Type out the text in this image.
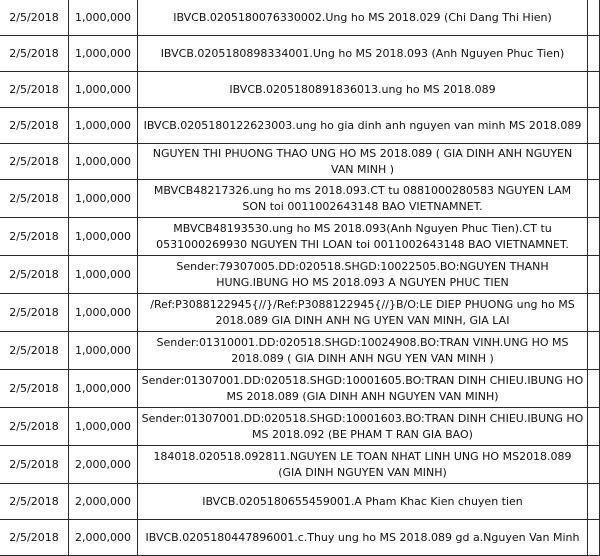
2/5/2018	1,000,000	IBVCB.0205180076330002.Ung ho MS 2018.029 (Chi Dang Thi Hien)	
2/5/2018	1,000,000	IBVCB.0205180898334001.Ung ho MS 2018.093 (Anh Nguyen Phuc Tien)	
2/5/2018	1,000,000	IBVCB.0205180891836013.ung ho MS 2018.089	
2/5/2018	1,000,000	IBVCB.0205180122623003.ung ho gia dinh anh nguyen van minh MS 2018.089	
2/5/2018	1,000,000	NGUYEN THI PHUONG THAO UNG HO MS 2018.089 ( GIA DINH ANH NGUYEN VAN MINH )	
2/5/2018	1,000,000	MBVCB48217326.ung ho ms 2018.093.CT tu 0881000280583 NGUYEN LAM SON toi 0011002643148 BAO VIETNAMNET.	
2/5/2018	1,000,000	MBVCB48193530.ung ho MS 2018.093(Anh Nguyen Phuc Tien).CT tu 0531000269930 NGUYEN THI LOAN toi 0011002643148 BAO VIETNAMNET.	
2/5/2018	1,000,000	Sender:79307005.DD:020518.SHGD:10022505.BO:NGUYEN THANH HUNG.IBUNG HO MS 2018.093 A NGUYEN PHUC TIEN	
2/5/2018	1,000,000	/Ref:P3088122945{//}/Ref:P3088122945{//}B/O:LE DIEP PHUONG ung ho MS 2018.089 GIA DINH ANH NG UYEN VAN MINH, GIA LAI	
2/5/2018	1,000,000	Sender:01310001.DD:020518.SHGD:10024908.BO:TRAN VINH.UNG HO MS 2018.089 ( GIA DINH ANH NGU YEN VAN MINH )	
2/5/2018	1,000,000	Sender:01307001.DD:020518.SHGD:10001605.BO:TRAN DINH CHIEU.IBUNG HO MS 2018.089 (GIA DINH ANH NGUYEN VAN MINH)	
2/5/2018	1,000,000	Sender:01307001.DD:020518.SHGD:10001603.BO:TRAN DINH CHIEU.IBUNG HO MS 2018.092 (BE PHAM T RAN GIA BAO)	
2/5/2018	2,000,000	184018.020518.092811.NGUYEN LE TOAN NHAT LINH UNG HO MS2018.089 (GIA DINH NGUYEN VAN MINH)	
2/5/2018	2,000,000	IBVCB.0205180655459001.A Pham Khac Kien chuyen tien	
2/5/2018	2,000,000	IBVCB.0205180447896001.c.Thuy ung ho MS 2018.089 gd a.Nguyen Van Minh	
